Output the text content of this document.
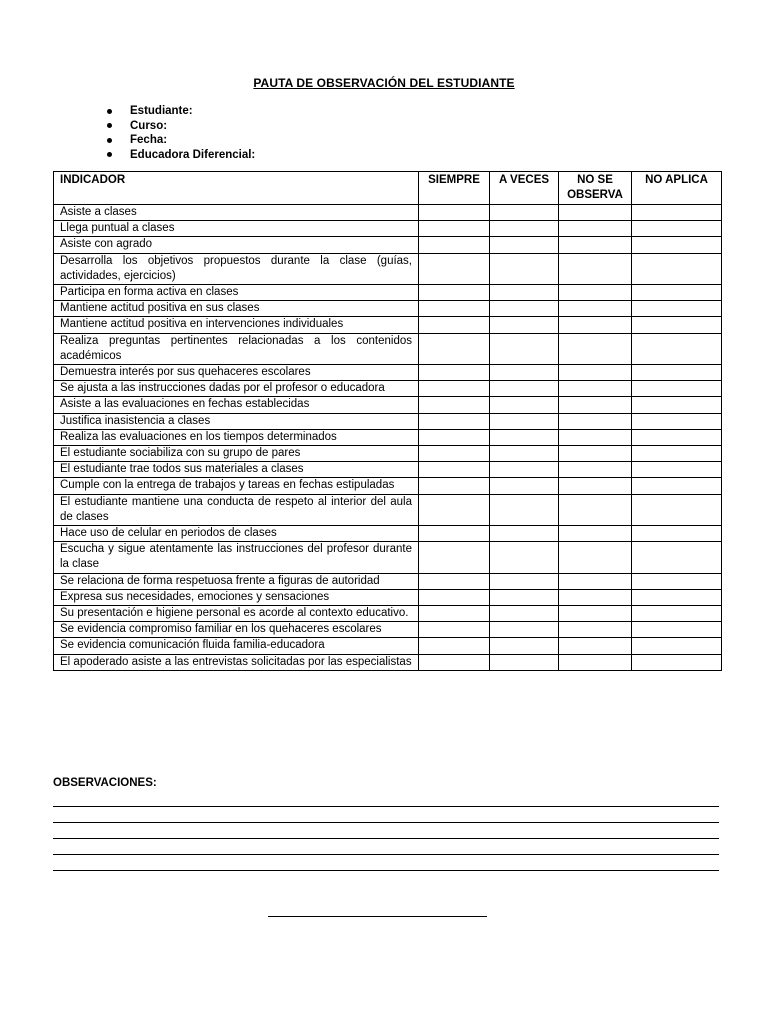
PAUTA DE OBSERVACIÓN DEL ESTUDIANTE
Estudiante:
Curso:
Fecha:
Educadora Diferencial:
INDICADOR	SIEMPRE	A VECES	NO SE OBSERVA	NO APLICA
Asiste a clases				
Llega puntual a clases				
Asiste con agrado				
Desarrolla los objetivos propuestos durante la clase (guías, actividades, ejercicios)				
Participa en forma activa en clases				
Mantiene actitud positiva en sus clases				
Mantiene actitud positiva en intervenciones individuales				
Realiza preguntas pertinentes relacionadas a los contenidos académicos				
Demuestra interés por sus quehaceres escolares				
Se ajusta a las instrucciones dadas por el profesor o educadora				
Asiste a las evaluaciones en fechas establecidas				
Justifica inasistencia a clases				
Realiza las evaluaciones en los tiempos determinados				
El estudiante sociabiliza con su grupo de pares				
El estudiante trae todos sus materiales a clases				
Cumple con la entrega de trabajos y tareas en fechas estipuladas				
El estudiante mantiene una conducta de respeto al interior del aula de clases				
Hace uso de celular en periodos de clases				
Escucha y sigue atentamente las instrucciones del profesor durante la clase				
Se relaciona de forma respetuosa frente a figuras de autoridad				
Expresa sus necesidades, emociones y sensaciones				
Su presentación e higiene personal es acorde al contexto educativo.				
Se evidencia compromiso familiar en los quehaceres escolares				
Se evidencia comunicación fluida familia-educadora				
El apoderado asiste a las entrevistas solicitadas por las especialistas				
OBSERVACIONES:
